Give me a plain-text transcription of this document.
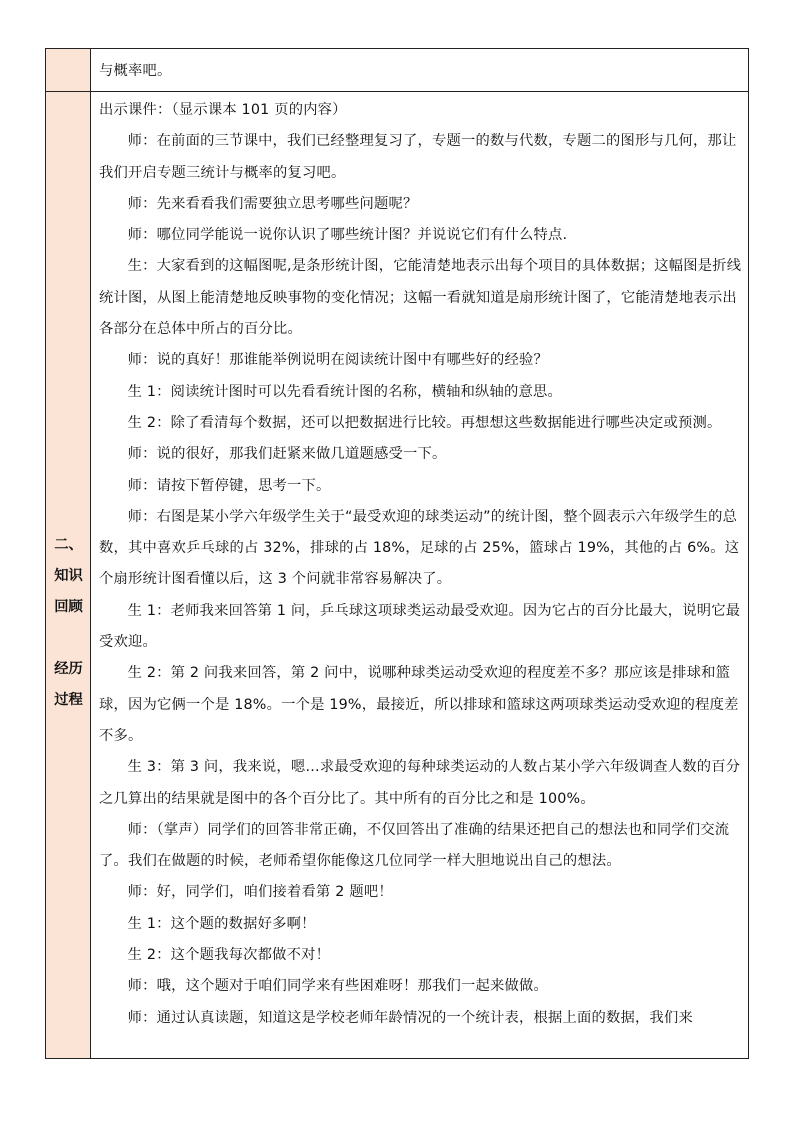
与概率吧。
二、
知识
回顾
经历
过程
出示课件：（显示课本 101 页的内容）
师：在前面的三节课中，我们已经整理复习了，专题一的数与代数，专题二的图形与几何，那让我们开启专题三统计与概率的复习吧。
师：先来看看我们需要独立思考哪些问题呢？
师：哪位同学能说一说你认识了哪些统计图？并说说它们有什么特点.
生：大家看到的这幅图呢,是条形统计图，它能清楚地表示出每个项目的具体数据；这幅图是折线统计图，从图上能清楚地反映事物的变化情况；这幅一看就知道是扇形统计图了，它能清楚地表示出各部分在总体中所占的百分比。
师：说的真好！那谁能举例说明在阅读统计图中有哪些好的经验？
生 1：阅读统计图时可以先看看统计图的名称，横轴和纵轴的意思。
生 2：除了看清每个数据，还可以把数据进行比较。再想想这些数据能进行哪些决定或预测。
师：说的很好，那我们赶紧来做几道题感受一下。
师：请按下暂停键，思考一下。
师：右图是某小学六年级学生关于“最受欢迎的球类运动”的统计图，整个圆表示六年级学生的总数，其中喜欢乒乓球的占 32%，排球的占 18%，足球的占 25%，篮球占 19%，其他的占 6%。这个扇形统计图看懂以后，这 3 个问就非常容易解决了。
生 1：老师我来回答第 1 问，乒乓球这项球类运动最受欢迎。因为它占的百分比最大，说明它最受欢迎。
生 2：第 2 问我来回答，第 2 问中，说哪种球类运动受欢迎的程度差不多？那应该是排球和篮球，因为它俩一个是 18%。一个是 19%，最接近，所以排球和篮球这两项球类运动受欢迎的程度差不多。
生 3：第 3 问，我来说，嗯…求最受欢迎的每种球类运动的人数占某小学六年级调查人数的百分之几算出的结果就是图中的各个百分比了。其中所有的百分比之和是 100%。
师：（掌声）同学们的回答非常正确，不仅回答出了准确的结果还把自己的想法也和同学们交流了。我们在做题的时候，老师希望你能像这几位同学一样大胆地说出自己的想法。
师：好，同学们，咱们接着看第 2 题吧！
生 1：这个题的数据好多啊！
生 2：这个题我每次都做不对！
师：哦，这个题对于咱们同学来有些困难呀！那我们一起来做做。
师：通过认真读题，知道这是学校老师年龄情况的一个统计表，根据上面的数据，我们来
